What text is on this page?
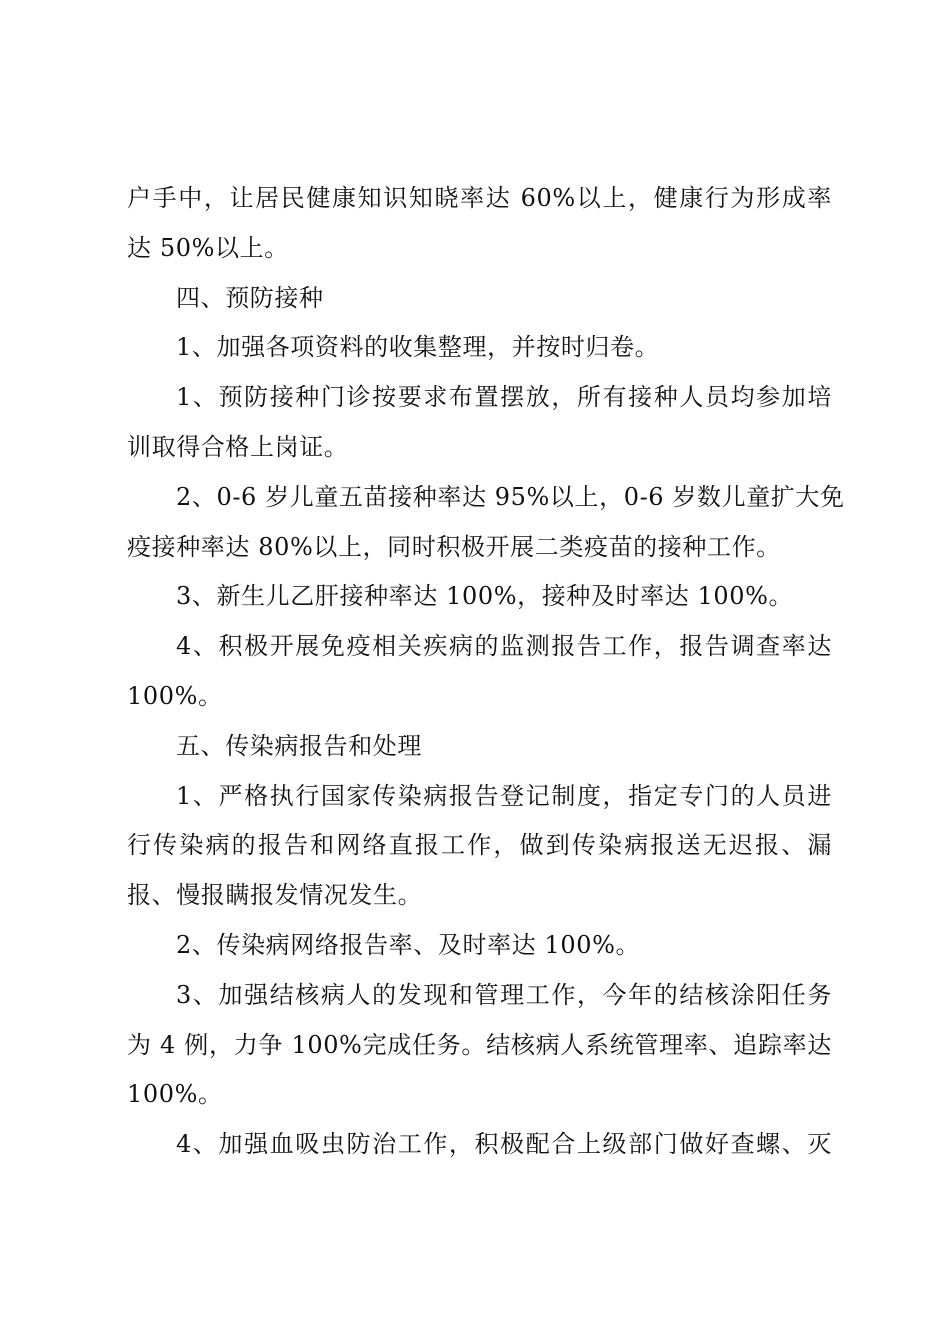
户手中，让居民健康知识知晓率达 60%以上，健康行为形成率
达 50%以上。
四、预防接种
1、加强各项资料的收集整理，并按时归卷。
1、预防接种门诊按要求布置摆放，所有接种人员均参加培
训取得合格上岗证。
2、0-6 岁儿童五苗接种率达 95%以上，0-6 岁数儿童扩大免
疫接种率达 80%以上，同时积极开展二类疫苗的接种工作。
3、新生儿乙肝接种率达 100%，接种及时率达 100%。
4、积极开展免疫相关疾病的监测报告工作，报告调查率达
100%。
五、传染病报告和处理
1、严格执行国家传染病报告登记制度，指定专门的人员进
行传染病的报告和网络直报工作，做到传染病报送无迟报、漏
报、慢报瞒报发情况发生。
2、传染病网络报告率、及时率达 100%。
3、加强结核病人的发现和管理工作，今年的结核涂阳任务
为 4 例，力争 100%完成任务。结核病人系统管理率、追踪率达
100%。
4、加强血吸虫防治工作，积极配合上级部门做好查螺、灭
